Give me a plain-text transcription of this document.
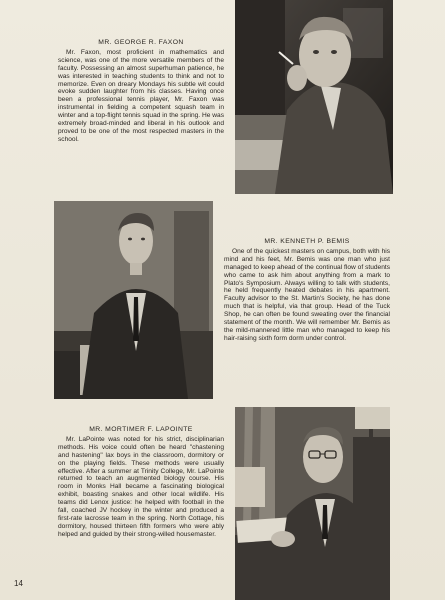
MR. GEORGE R. FAXON

Mr. Faxon, most proficient in mathematics and science, was one of the more versatile members of the faculty. Possessing an almost superhuman patience, he was interested in teaching students to think and not to memorize. Even on dreary Mondays his subtle wit could evoke sudden laughter from his classes. Having once been a professional tennis player, Mr. Faxon was instrumental in fielding a competent squash team in winter and a top-flight tennis squad in the spring. He was extremely broad-minded and liberal in his outlook and proved to be one of the most respected masters in the school.

MR. KENNETH P. BEMIS

One of the quickest masters on campus, both with his mind and his feet, Mr. Bemis was one man who just managed to keep ahead of the continual flow of students who came to ask him about anything from a mark to Plato's Symposium. Always willing to talk with students, he held frequently heated debates in his apartment. Faculty advisor to the St. Martin's Society, he has done much that is helpful, via that group. Head of the Tuck Shop, he can often be found sweating over the financial statement of the month. We will remember Mr. Bemis as the mild-mannered little man who managed to keep his hair-raising sixth form dorm under control.

MR. MORTIMER F. LAPOINTE

Mr. LaPointe was noted for his strict, disciplinarian methods. His voice could often be heard "chastening and hastening" lax boys in the classroom, dormitory or on the playing fields. These methods were usually effective. After a summer at Trinity College, Mr. LaPointe returned to teach an augmented biology course. His room in Monks Hall became a fascinating biological exhibit, boasting snakes and other local wildlife. His teams did Lenox justice: he helped with football in the fall, coached JV hockey in the winter and produced a first-rate lacrosse team in the spring. North Cottage, his dormitory, housed thirteen fifth formers who were ably helped and guided by their strong-willed housemaster.

14
